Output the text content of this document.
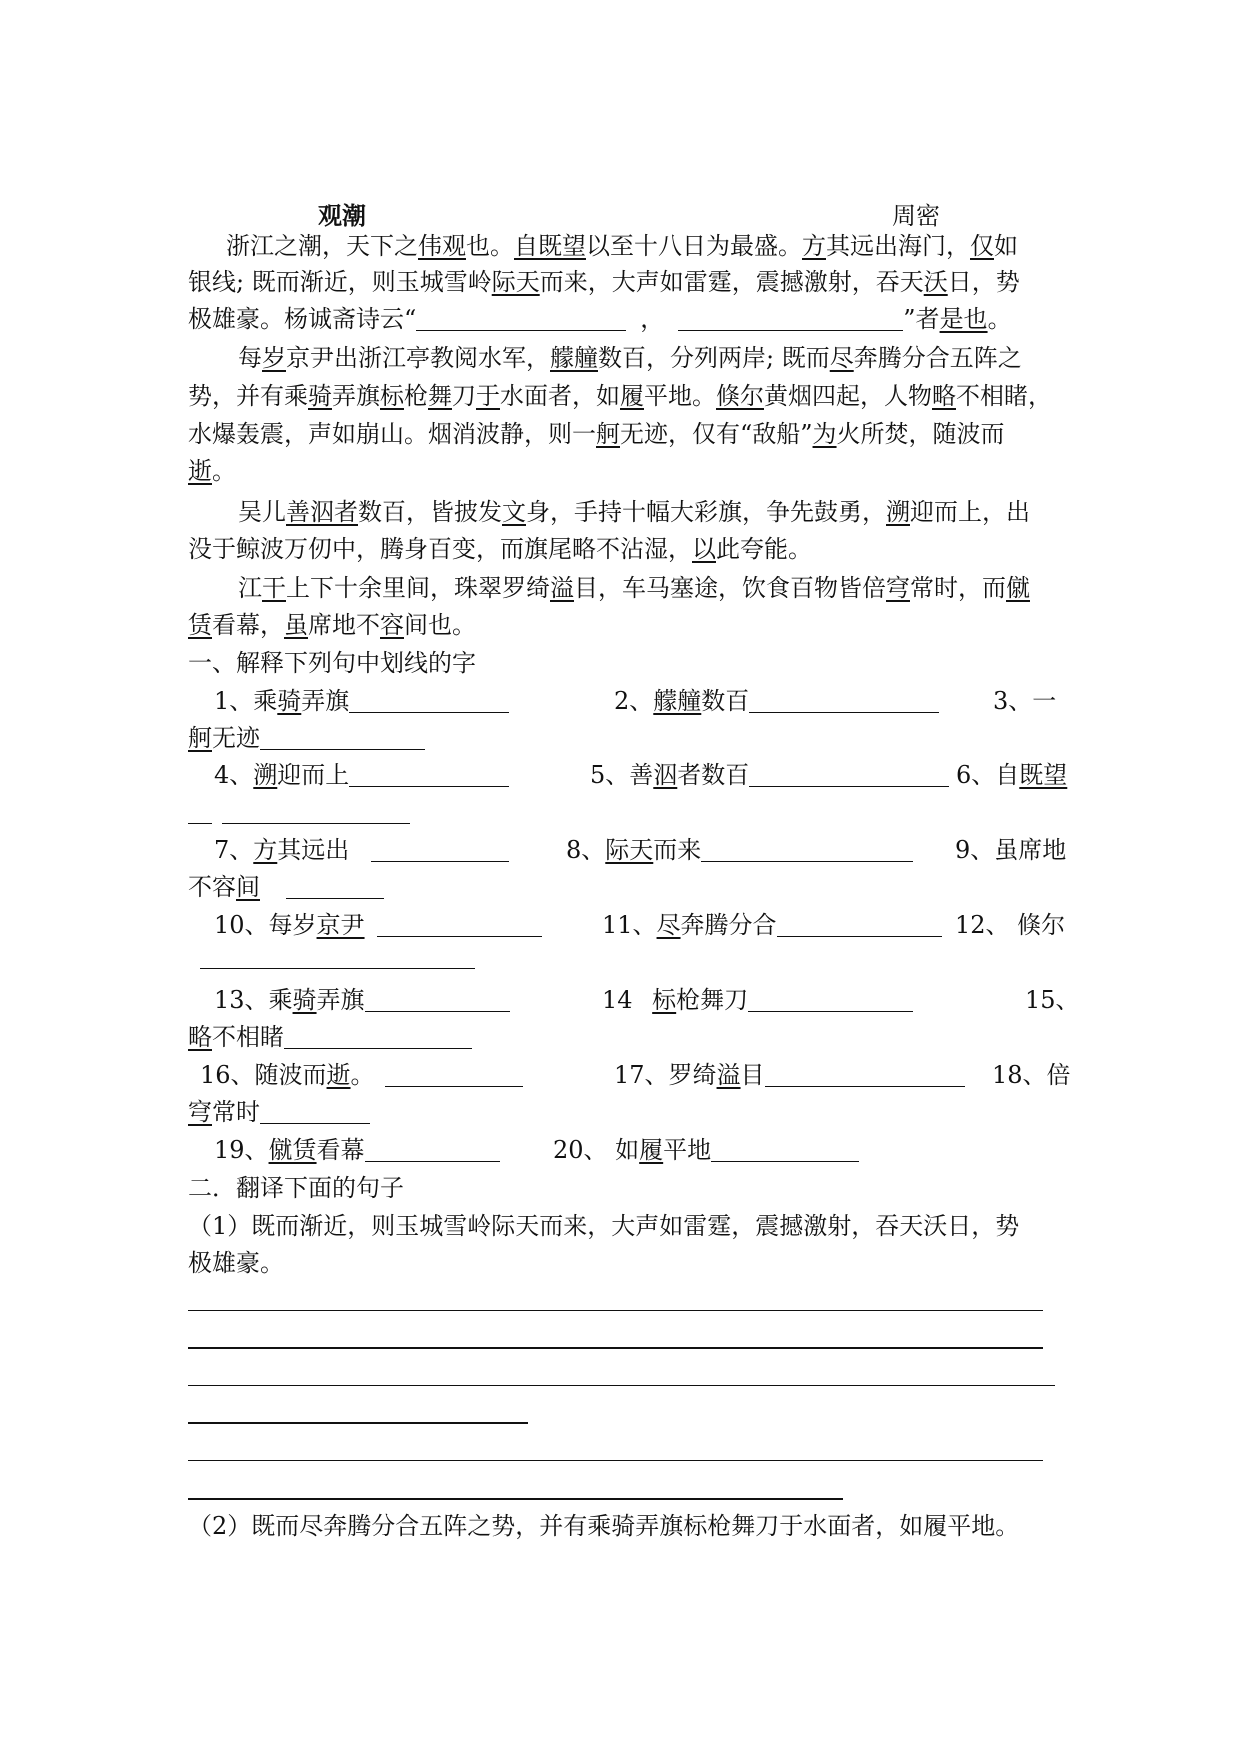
观潮	周密
浙江之潮，天下之伟观也。自既望以至十八日为最盛。方其远出海门，仅如
银线; 既而渐近，则玉城雪岭际天而来，大声如雷霆，震撼激射，吞天沃日，势
极雄豪。杨诚斋诗云“	，	”者是也。
每岁京尹出浙江亭教阅水军，艨艟数百，分列两岸; 既而尽奔腾分合五阵之
势，并有乘骑弄旗标枪舞刀于水面者，如履平地。倏尔黄烟四起，人物略不相睹，
水爆轰震，声如崩山。烟消波静，则一舸无迹，仅有“敌船”为火所焚，随波而
逝。
吴儿善泅者数百，皆披发文身，手持十幅大彩旗，争先鼓勇，溯迎而上，出
没于鲸波万仞中，腾身百变，而旗尾略不沾湿，以此夸能。
江干上下十余里间，珠翠罗绮溢目，车马塞途，饮食百物皆倍穹常时，而僦
赁看幕，虽席地不容间也。
一、解释下列句中划线的字
1、乘骑弄旗	2、艨艟数百	3、一
舸无迹
4、溯迎而上	5、善泅者数百	6、自既望
7、方其远出	8、际天而来	9、虽席地
不容间
10、每岁京尹	11、尽奔腾分合	12、 倏尔
13、乘骑弄旗	14 标枪舞刀	15、
略不相睹
16、随波而逝。	17、罗绮溢目	18、倍
穹常时
19、僦赁看幕	20、 如履平地
二．翻译下面的句子
（1）既而渐近，则玉城雪岭际天而来，大声如雷霆，震撼激射，吞天沃日，势
极雄豪。
（2）既而尽奔腾分合五阵之势，并有乘骑弄旗标枪舞刀于水面者，如履平地。
